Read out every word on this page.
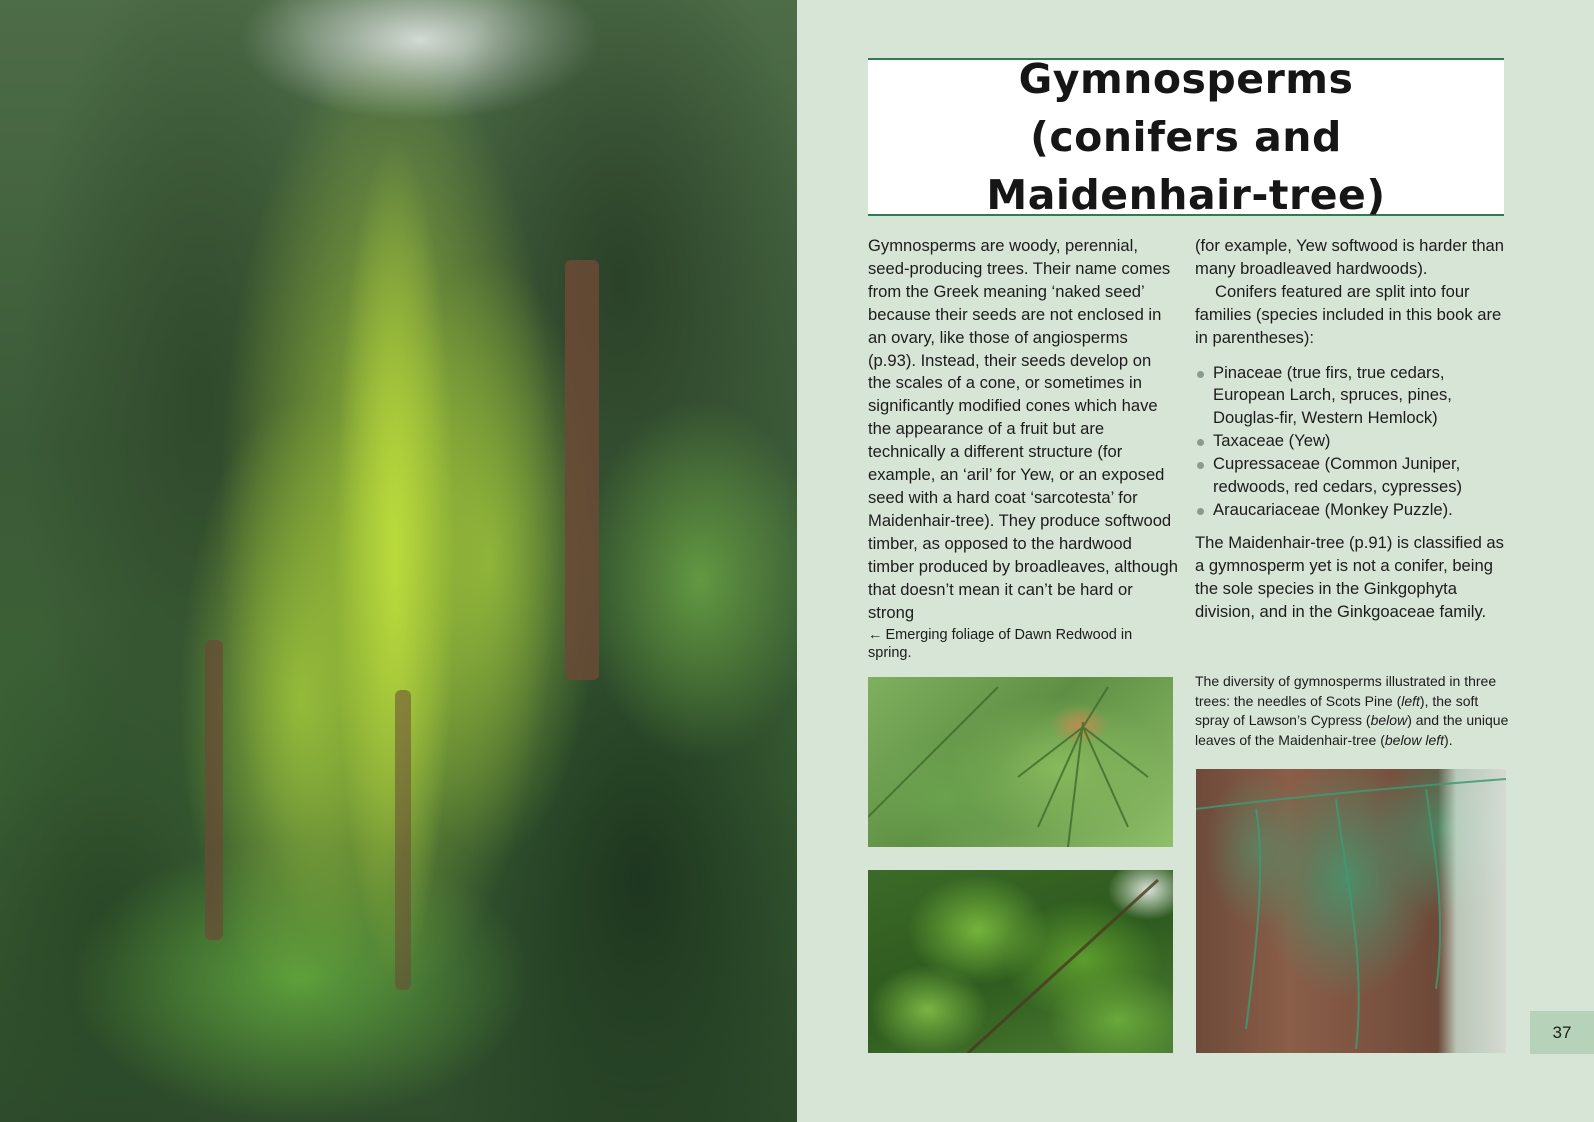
Gymnosperms (conifers and Maidenhair-tree)

Gymnosperms are woody, perennial, seed-producing trees. Their name comes from the Greek meaning ‘naked seed’ because their seeds are not enclosed in an ovary, like those of angiosperms (p.93). Instead, their seeds develop on the scales of a cone, or sometimes in significantly modified cones which have the appearance of a fruit but are technically a different structure (for example, an ‘aril’ for Yew, or an exposed seed with a hard coat ‘sarcotesta’ for Maidenhair-tree). They produce softwood timber, as opposed to the hardwood timber produced by broadleaves, although that doesn’t mean it can’t be hard or strong

(for example, Yew softwood is harder than many broadleaved hardwoods).

Conifers featured are split into four families (species included in this book are in parentheses):

Pinaceae (true firs, true cedars, European Larch, spruces, pines, Douglas-fir, Western Hemlock)
Taxaceae (Yew)
Cupressaceae (Common Juniper, redwoods, red cedars, cypresses)
Araucariaceae (Monkey Puzzle).

The Maidenhair-tree (p.91) is classified as a gymnosperm yet is not a conifer, being the sole species in the Ginkgophyta division, and in the Ginkgoaceae family.

← Emerging foliage of Dawn Redwood in spring.
The diversity of gymnosperms illustrated in three trees: the needles of Scots Pine (left), the soft spray of Lawson’s Cypress (below) and the unique leaves of the Maidenhair-tree (below left).
37
